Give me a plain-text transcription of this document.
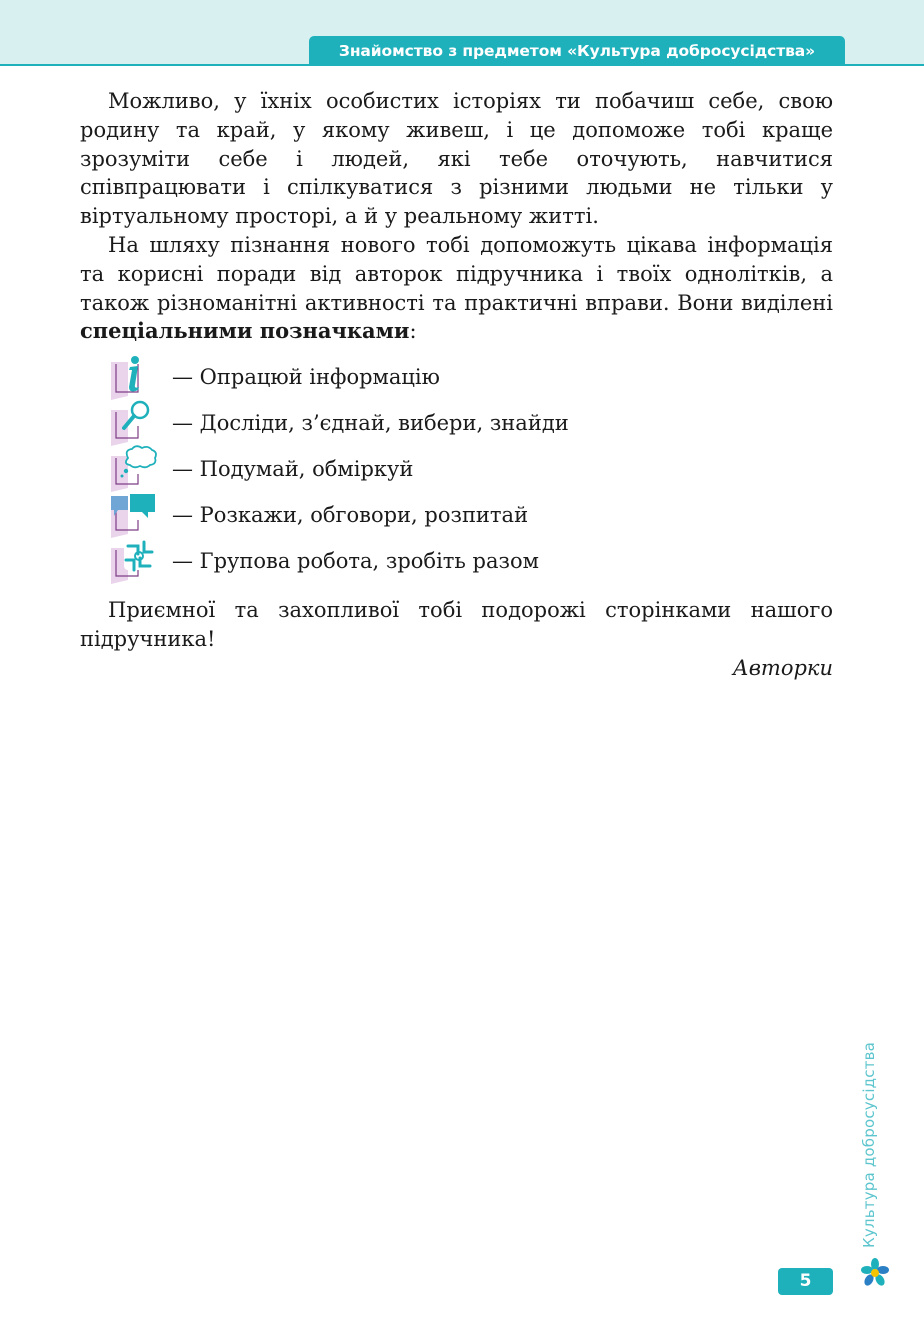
Знайомство з предметом «Культура добросусідства»

Можливо, у їхніх особистих історіях ти побачиш себе, свою родину та край, у якому живеш, і це допоможе тобі краще зрозуміти себе і людей, які тебе оточують, навчитися співпрацювати і спілкуватися з різними людьми не тільки у віртуальному просторі, а й у реальному житті.

На шляху пізнання нового тобі допоможуть цікава інформація та корисні поради від авторок підручника і твоїх однолітків, а також різноманітні активності та практичні вправи. Вони виділені спеціальними позначками:

— Опрацюй інформацію
— Досліди, з’єднай, вибери, знайди
— Подумай, обміркуй
— Розкажи, обговори, розпитай
— Групова робота, зробіть разом

Приємної та захопливої тобі подорожі сторінками нашого підручника!

Авторки
Культура добросусідства
5
